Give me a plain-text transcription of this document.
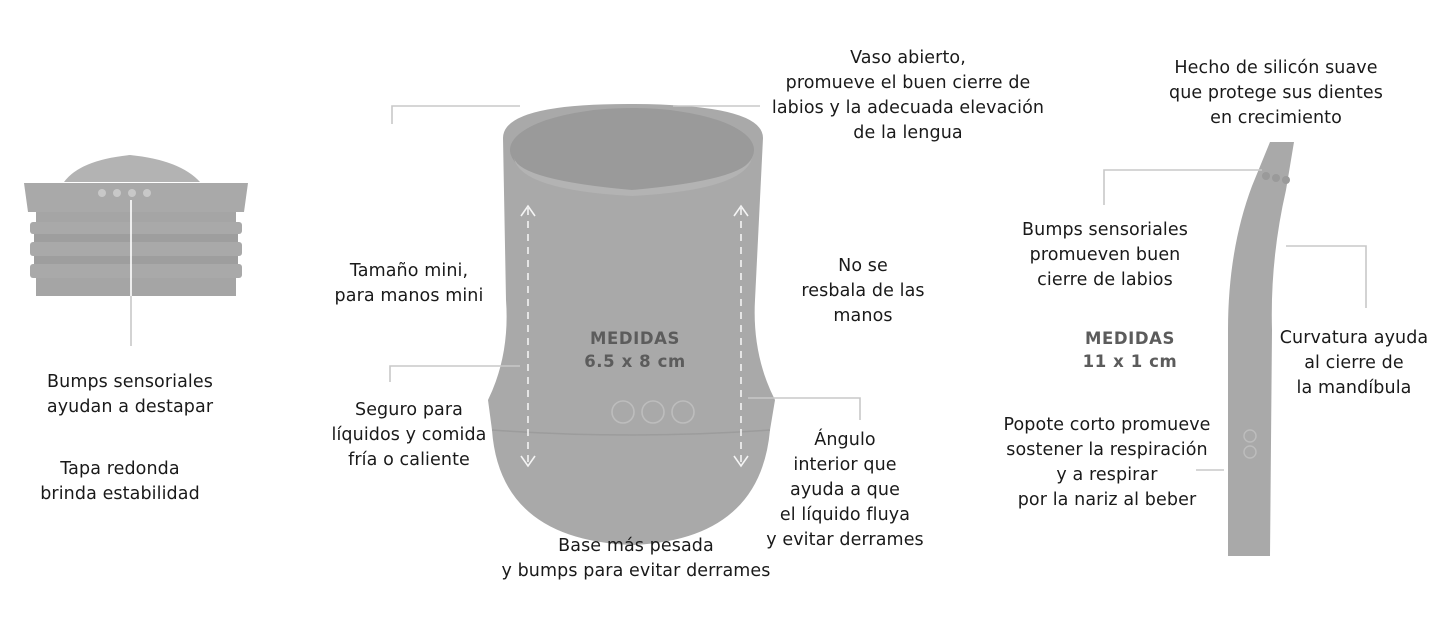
Bumps sensoriales
ayudan a destapar
Tapa redonda
brinda estabilidad
Vaso abierto,
promueve el buen cierre de
labios y la adecuada elevación
de la lengua
Tamaño mini,
para manos mini
No se
resbala de las
manos
Seguro para
líquidos y comida
fría o caliente
Ángulo
interior que
ayuda a que
el líquido fluya
y evitar derrames
Base más pesada
y bumps para evitar derrames
MEDIDAS
6.5 x 8 cm
Hecho de silicón suave
que protege sus dientes
en crecimiento
Bumps sensoriales
promueven buen
cierre de labios
Curvatura ayuda
al cierre de
la mandíbula
Popote corto promueve
sostener la respiración
y a respirar
por la nariz al beber
MEDIDAS
11 x 1 cm
